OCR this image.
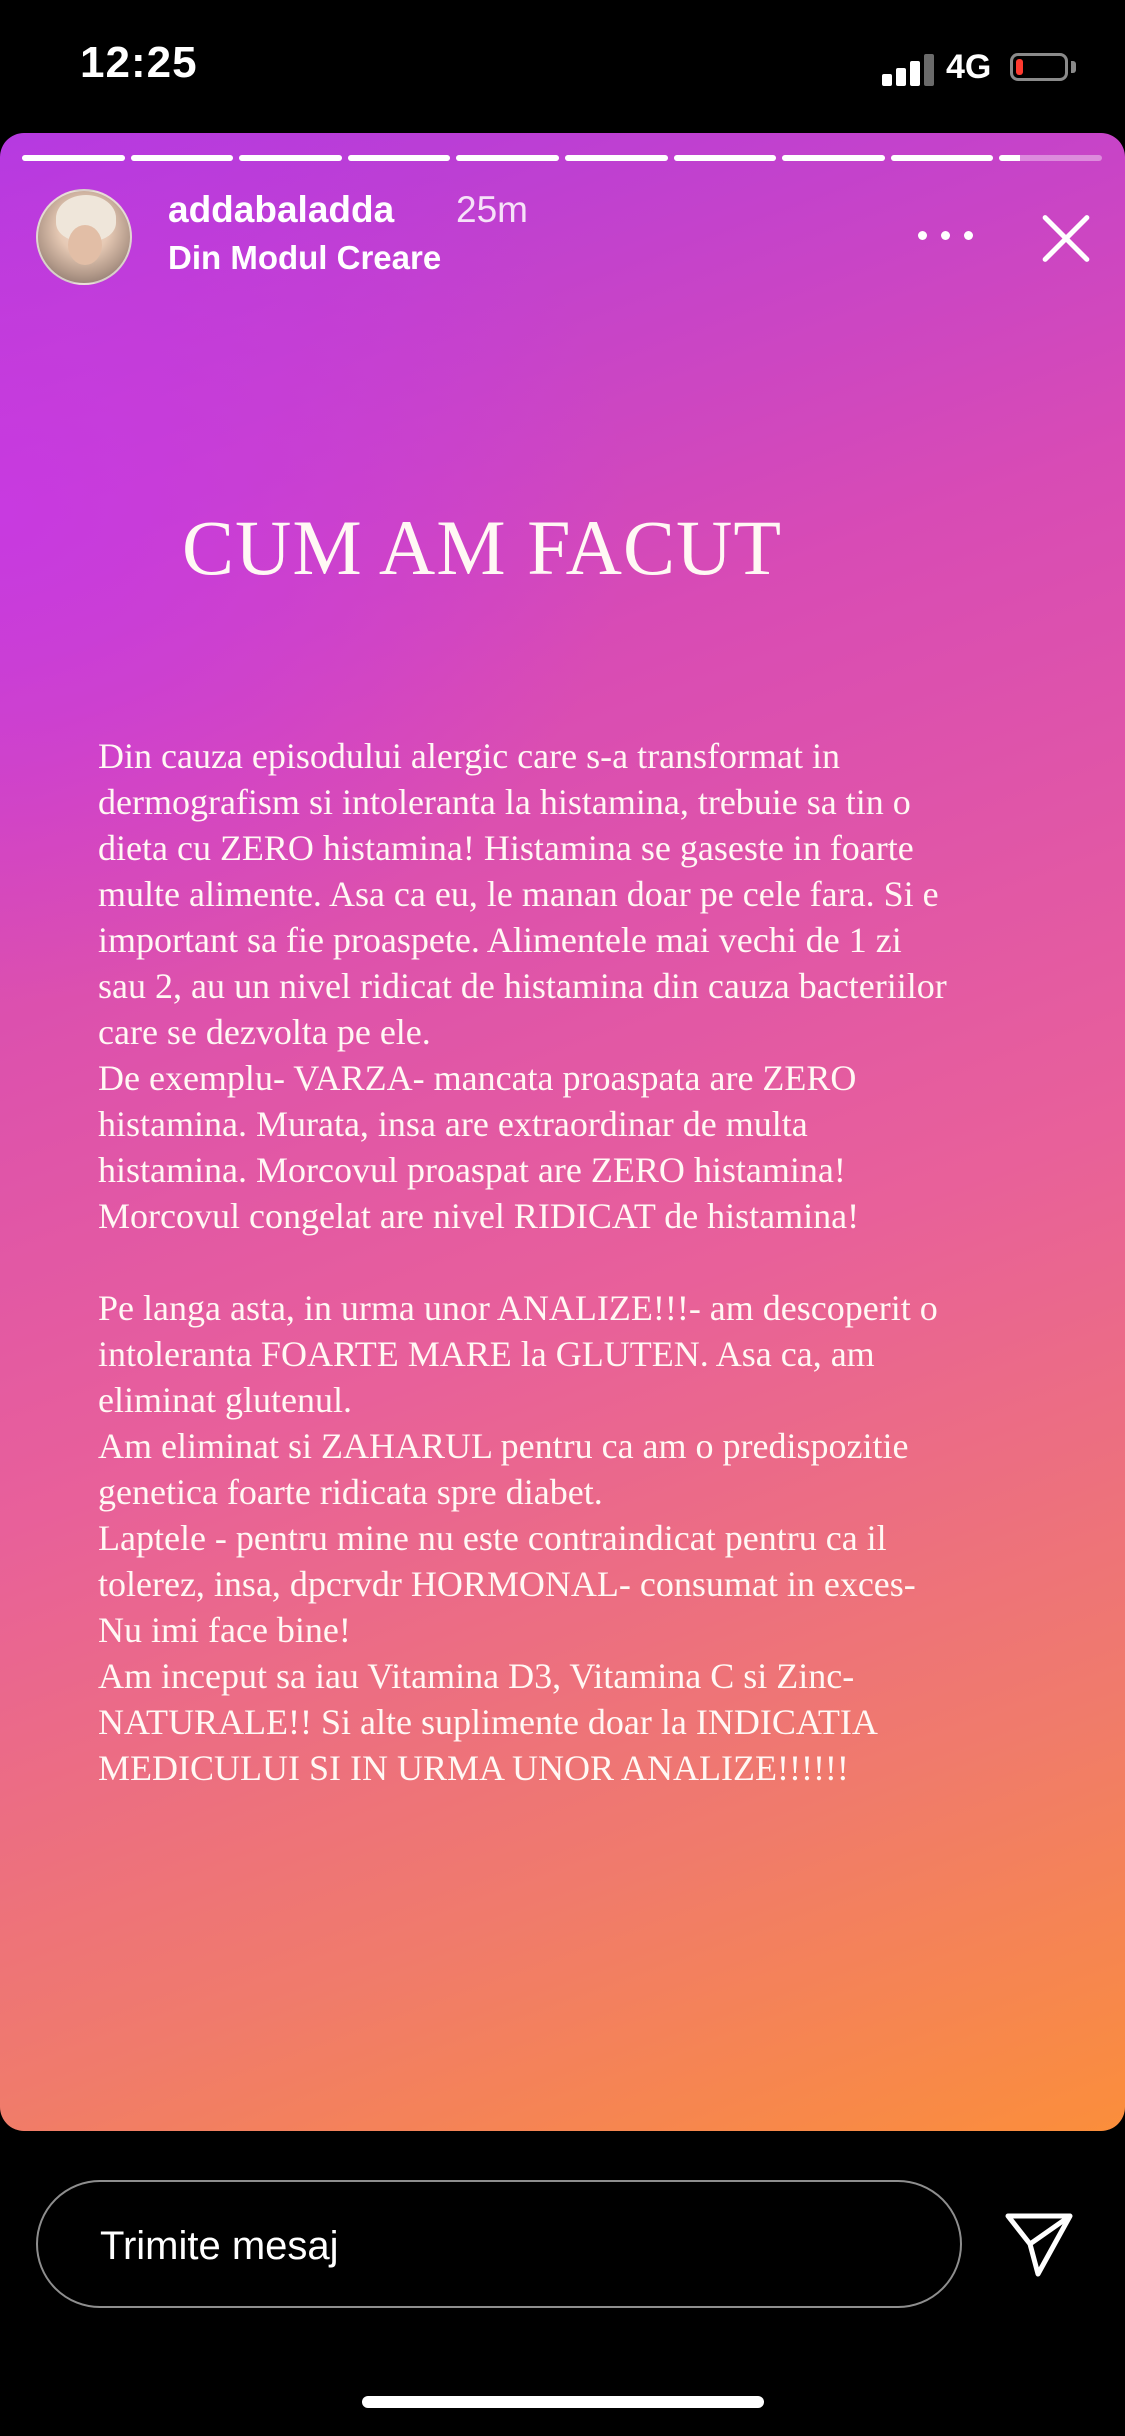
12:25	4G
addabaladda 25m
Din Modul Creare
CUM AM FACUT

Din cauza episodului alergic care s-a transformat in
dermografism si intoleranta la histamina, trebuie sa tin o
dieta cu ZERO histamina! Histamina se gaseste in foarte
multe alimente. Asa ca eu, le manan doar pe cele fara. Si e
important sa fie proaspete. Alimentele mai vechi de 1 zi
sau 2, au un nivel ridicat de histamina din cauza bacteriilor
care se dezvolta pe ele.
De exemplu- VARZA- mancata proaspata are ZERO
histamina. Murata, insa are extraordinar de multa
histamina. Morcovul proaspat are ZERO histamina!
Morcovul congelat are nivel RIDICAT de histamina!

Pe langa asta, in urma unor ANALIZE!!!- am descoperit o
intoleranta FOARTE MARE la GLUTEN. Asa ca, am
eliminat glutenul.
Am eliminat si ZAHARUL pentru ca am o predispozitie
genetica foarte ridicata spre diabet.
Laptele - pentru mine nu este contraindicat pentru ca il
tolerez, insa, dpcrvdr HORMONAL- consumat in exces-
Nu imi face bine!
Am inceput sa iau Vitamina D3, Vitamina C si Zinc-
NATURALE!! Si alte suplimente doar la INDICATIA
MEDICULUI SI IN URMA UNOR ANALIZE!!!!!!

Trimite mesaj
